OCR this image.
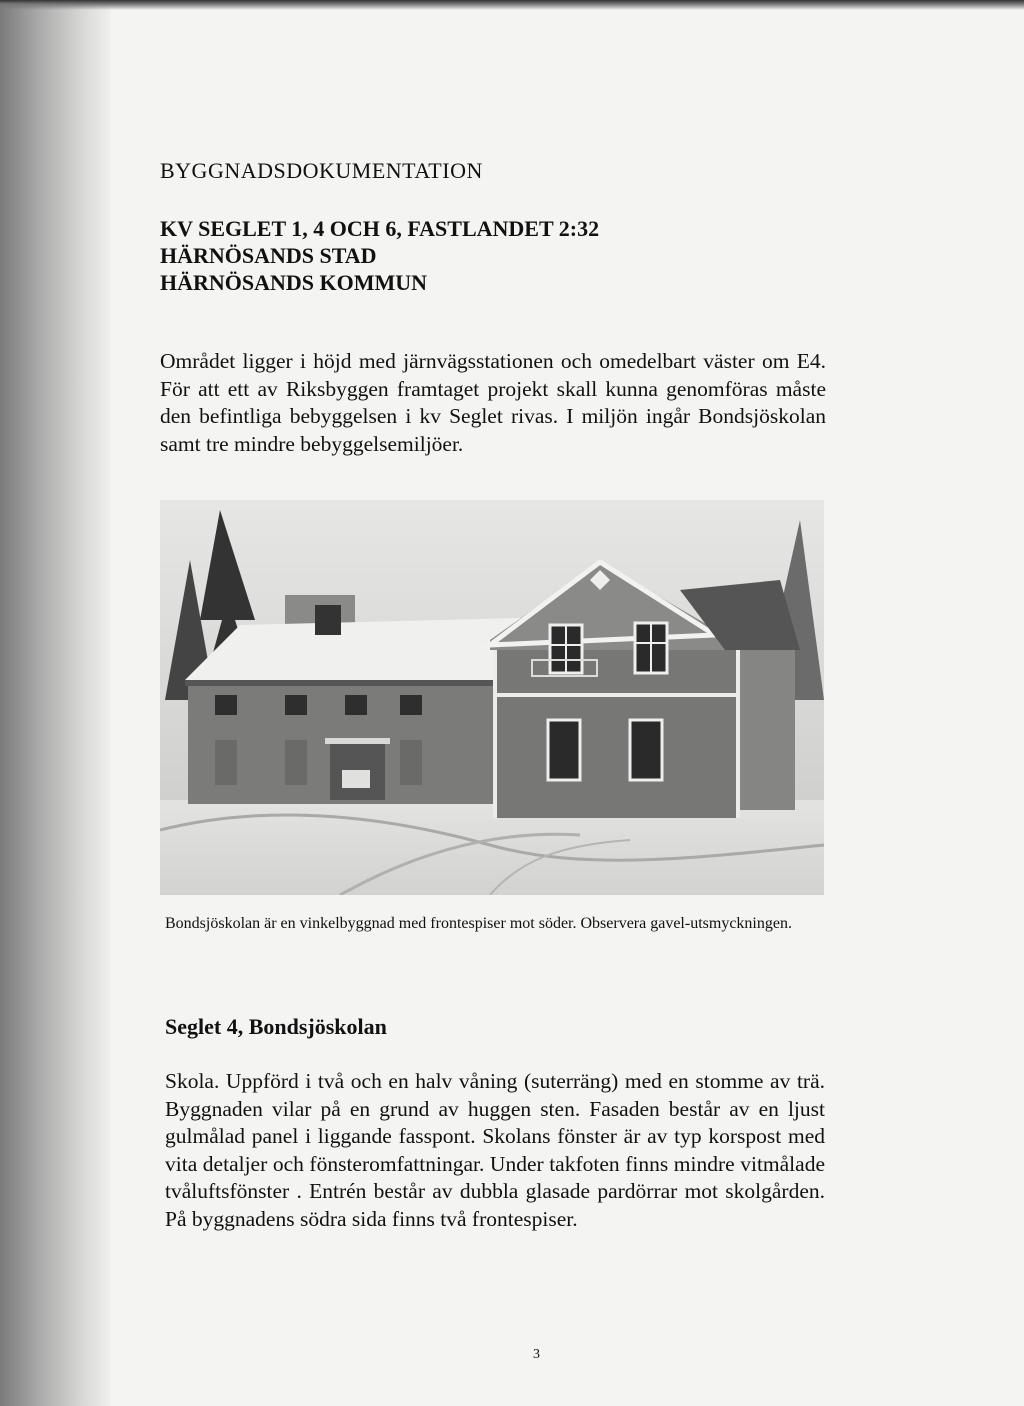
BYGGNADSDOKUMENTATION
KV SEGLET 1, 4 OCH 6, FASTLANDET 2:32
HÄRNÖSANDS STAD
HÄRNÖSANDS KOMMUN

Området ligger i höjd med järnvägsstationen och omedelbart väster om E4. För att ett av Riksbyggen framtaget projekt skall kunna genomföras måste den befintliga bebyggelsen i kv Seglet rivas. I miljön ingår Bondsjöskolan samt tre mindre bebyggelsemiljöer.

Bondsjöskolan är en vinkelbyggnad med frontespiser mot söder. Observera gavel-utsmyckningen.

Seglet 4, Bondsjöskolan

Skola. Uppförd i två och en halv våning (suterräng) med en stomme av trä. Byggnaden vilar på en grund av huggen sten. Fasaden består av en ljust gulmålad panel i liggande fasspont. Skolans fönster är av typ korspost med vita detaljer och fönsteromfattningar. Under takfoten finns mindre vitmålade tvåluftsfönster . Entrén består av dubbla glasade pardörrar mot skolgården. På byggnadens södra sida finns två frontespiser.

3
